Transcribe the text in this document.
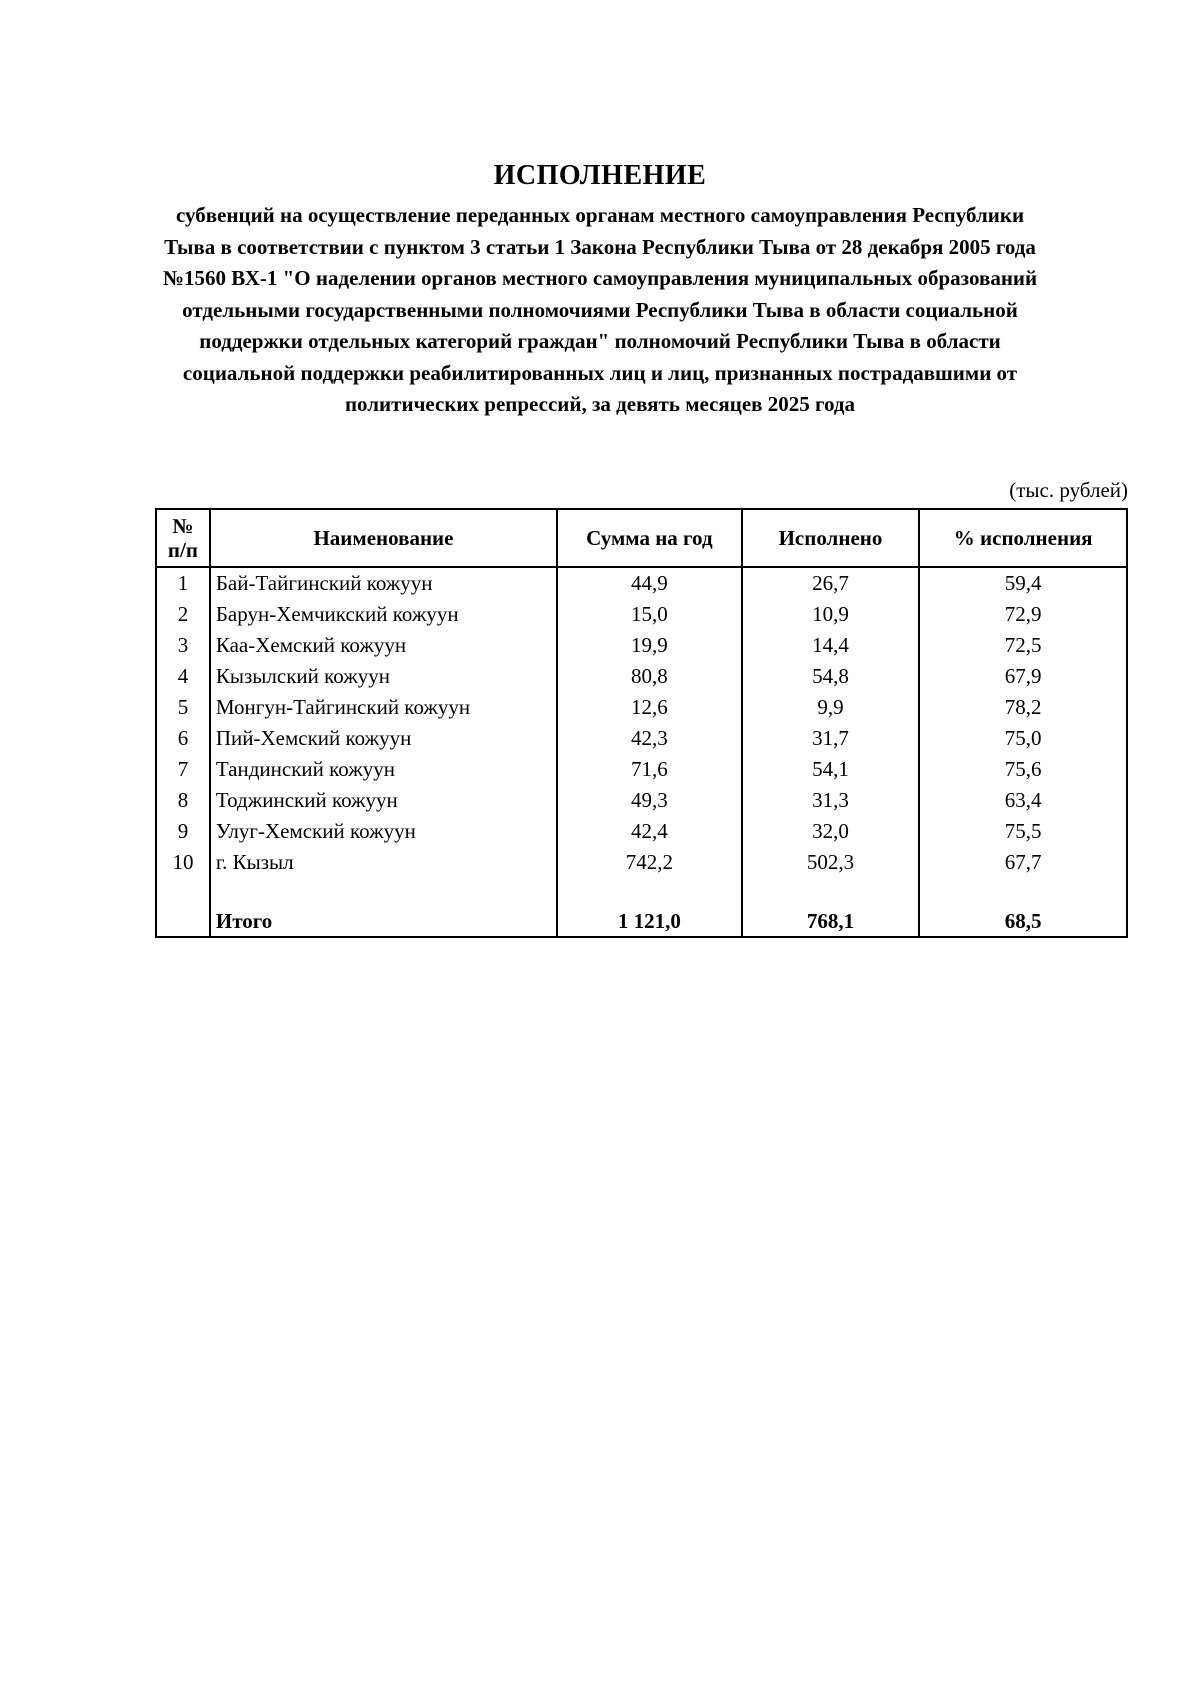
ИСПОЛНЕНИЕ
субвенций на осуществление переданных органам местного самоуправления Республики Тыва в соответствии с пунктом 3 статьи 1 Закона Республики Тыва от 28 декабря 2005 года №1560 ВХ-1 "О наделении органов местного самоуправления муниципальных образований отдельными государственными полномочиями Республики Тыва в области социальной поддержки отдельных категорий граждан" полномочий Республики Тыва в области социальной поддержки реабилитированных лиц и лиц, признанных пострадавшими от политических репрессий, за девять месяцев 2025 года
(тыс. рублей)
№
п/п	Наименование	Сумма на год	Исполнено	% исполнения
1	Бай-Тайгинский кожуун	44,9	26,7	59,4
2	Барун-Хемчикский кожуун	15,0	10,9	72,9
3	Каа-Хемский кожуун	19,9	14,4	72,5
4	Кызылский кожуун	80,8	54,8	67,9
5	Монгун-Тайгинский кожуун	12,6	9,9	78,2
6	Пий-Хемский кожуун	42,3	31,7	75,0
7	Тандинский кожуун	71,6	54,1	75,6
8	Тоджинский кожуун	49,3	31,3	63,4
9	Улуг-Хемский кожуун	42,4	32,0	75,5
10	г. Кызыл	742,2	502,3	67,7

	Итого	1 121,0	768,1	68,5
